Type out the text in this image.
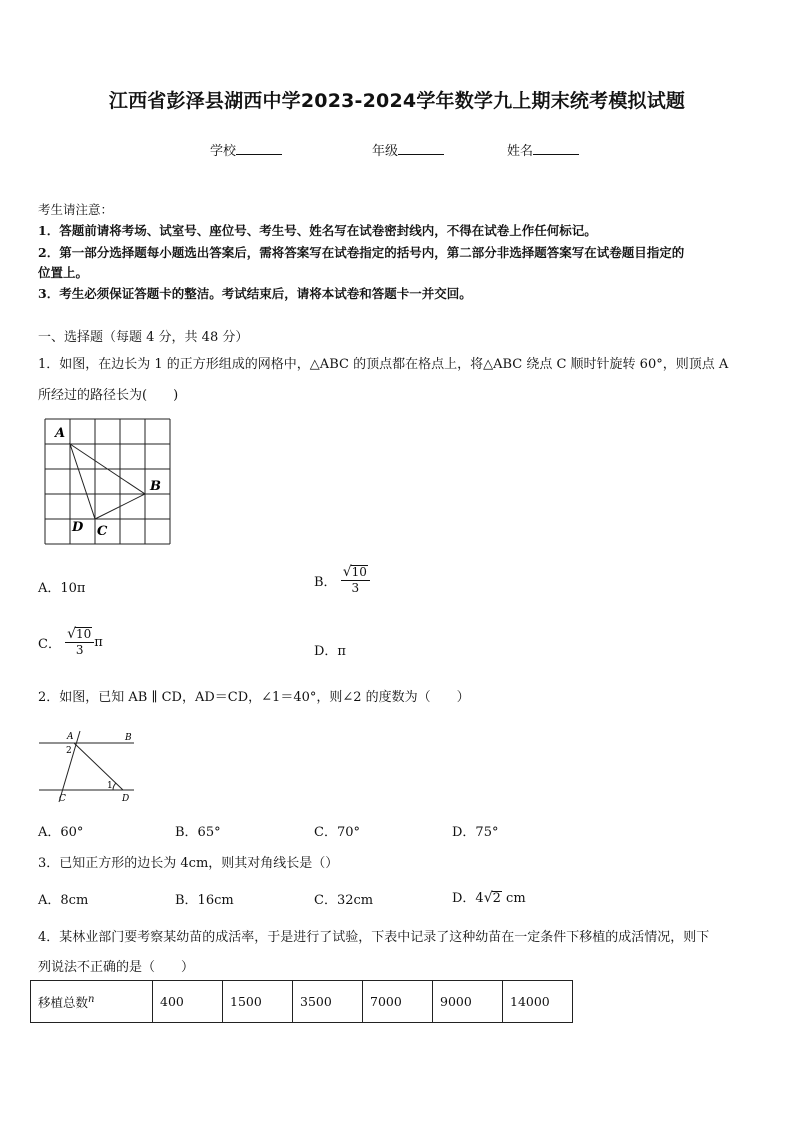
江西省彭泽县湖西中学2023-2024学年数学九上期末统考模拟试题
学校	年级	姓名
考生请注意：
1．答题前请将考场、试室号、座位号、考生号、姓名写在试卷密封线内，不得在试卷上作任何标记。
2．第一部分选择题每小题选出答案后，需将答案写在试卷指定的括号内，第二部分非选择题答案写在试卷题目指定的
位置上。
3．考生必须保证答题卡的整洁。考试结束后，请将本试卷和答题卡一并交回。
一、选择题（每题 4 分，共 48 分）
1．如图，在边长为 1 的正方形组成的网格中，△ABC 的顶点都在格点上，将△ABC 绕点 C 顺时针旋转 60°，则顶点 A
所经过的路径长为(　　)
A
B
C
D
A．10π	B． $\frac{√10}{3}$
C． $\frac{√10}{3}$ π
D．π
2．如图，已知 AB ∥ CD，AD＝CD，∠1＝40°，则∠2 的度数为（　　）
A	B
C	D
2
1
A．60°	B．65°	C．70°	D．75°
3．已知正方形的边长为 4cm，则其对角线长是（）
A．8cm	B．16cm	C．32cm	D．4√2 cm
4．某林业部门要考察某幼苗的成活率，于是进行了试验，下表中记录了这种幼苗在一定条件下移植的成活情况，则下
列说法不正确的是（　　）
移植总数$^n$	400	1500	3500	7000	9000	14000
